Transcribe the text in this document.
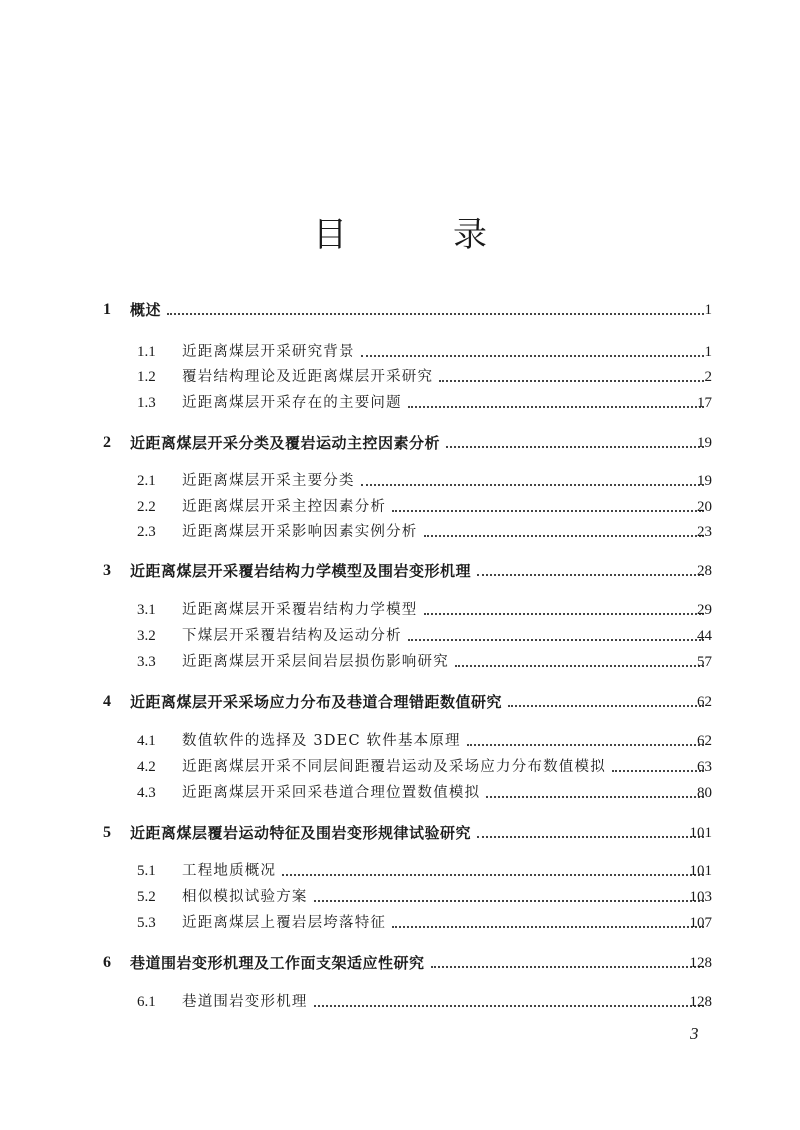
目	录
1	概述	1
1.1	近距离煤层开采研究背景	1
1.2	覆岩结构理论及近距离煤层开采研究	2
1.3	近距离煤层开采存在的主要问题	17
2	近距离煤层开采分类及覆岩运动主控因素分析	19
2.1	近距离煤层开采主要分类	19
2.2	近距离煤层开采主控因素分析	20
2.3	近距离煤层开采影响因素实例分析	23
3	近距离煤层开采覆岩结构力学模型及围岩变形机理	28
3.1	近距离煤层开采覆岩结构力学模型	29
3.2	下煤层开采覆岩结构及运动分析	44
3.3	近距离煤层开采层间岩层损伤影响研究	57
4	近距离煤层开采采场应力分布及巷道合理错距数值研究	62
4.1	数值软件的选择及 3DEC 软件基本原理	62
4.2	近距离煤层开采不同层间距覆岩运动及采场应力分布数值模拟	63
4.3	近距离煤层开采回采巷道合理位置数值模拟	80
5	近距离煤层覆岩运动特征及围岩变形规律试验研究	101
5.1	工程地质概况	101
5.2	相似模拟试验方案	103
5.3	近距离煤层上覆岩层垮落特征	107
6	巷道围岩变形机理及工作面支架适应性研究	128
6.1	巷道围岩变形机理	128
3
